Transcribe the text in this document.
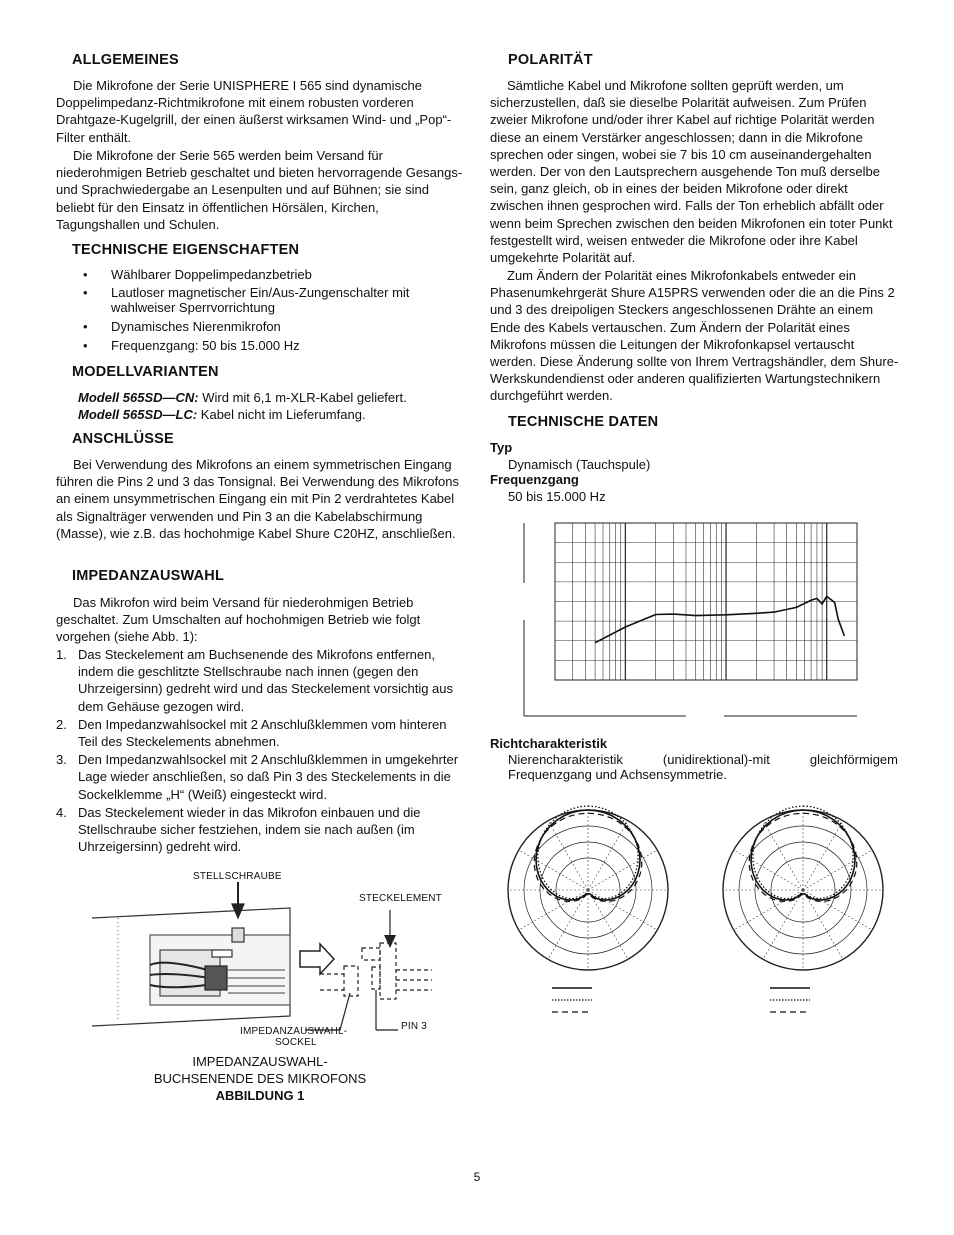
ALLGEMEINES

Die Mikrofone der Serie UNISPHERE I 565 sind dynamische Doppelimpedanz-Richtmikrofone mit einem robusten vorderen Drahtgaze-Kugelgrill, der einen äußerst wirksamen Wind- und „Pop“-Filter enthält.

Die Mikrofone der Serie 565 werden beim Versand für niederohmigen Betrieb geschaltet und bieten hervorragende Gesangs- und Sprachwiedergabe an Lesenpulten und auf Bühnen; sie sind beliebt für den Einsatz in öffentlichen Hörsälen, Kirchen, Tagungshallen und Schulen.

TECHNISCHE EIGENSCHAFTEN
• Wählbarer Doppelimpedanzbetrieb
• Lautloser magnetischer Ein/Aus-Zungenschalter mit wahlweiser Sperrvorrichtung
• Dynamisches Nierenmikrofon
• Frequenzgang: 50 bis 15.000 Hz
MODELLVARIANTEN

Modell 565SD—CN: Wird mit 6,1 m-XLR-Kabel geliefert.

Modell 565SD—LC: Kabel nicht im Lieferumfang.

ANSCHLÜSSE

Bei Verwendung des Mikrofons an einem symmetrischen Eingang führen die Pins 2 und 3 das Tonsignal. Bei Verwendung des Mikrofons an einem unsymmetrischen Eingang ein mit Pin 2 verdrahtetes Kabel als Signalträger verwenden und Pin 3 an die Kabelabschirmung (Masse), wie z.B. das hochohmige Kabel Shure C20HZ, anschließen.

IMPEDANZAUSWAHL

Das Mikrofon wird beim Versand für niederohmigen Betrieb geschaltet. Zum Umschalten auf hochohmigen Betrieb wie folgt vorgehen (siehe Abb. 1):

1. Das Steckelement am Buchsenende des Mikrofons entfernen, indem die geschlitzte Stellschraube nach innen (gegen den Uhrzeigersinn) gedreht wird und das Steckelement vorsichtig aus dem Gehäuse gezogen wird.
2. Den Impedanzwahlsockel mit 2 Anschlußklemmen vom hinteren Teil des Steckelements abnehmen.
3. Den Impedanzwahlsockel mit 2 Anschlußklemmen in umgekehrter Lage wieder anschließen, so daß Pin 3 des Steckelements in die Sockelklemme „H“ (Weiß) eingesteckt wird.
4. Das Steckelement wieder in das Mikrofon einbauen und die Stellschraube sicher festziehen, indem sie nach außen (im Uhrzeigersinn) gedreht wird.
STELLSCHRAUBE
STECKELEMENT
IMPEDANZAUSWAHL-
SOCKEL
PIN 3
IMPEDANZAUSWAHL-
BUCHSENENDE DES MIKROFONS
ABBILDUNG 1
POLARITÄT

Sämtliche Kabel und Mikrofone sollten geprüft werden, um sicherzustellen, daß sie dieselbe Polarität aufweisen. Zum Prüfen zweier Mikrofone und/oder ihrer Kabel auf richtige Polarität werden diese an einem Verstärker angeschlossen; dann in die Mikrofone sprechen oder singen, wobei sie 7 bis 10 cm auseinandergehalten werden. Der von den Lautsprechern ausgehende Ton muß derselbe sein, ganz gleich, ob in eines der beiden Mikrofone oder direkt zwischen ihnen gesprochen wird. Falls der Ton erheblich abfällt oder wenn beim Sprechen zwischen den beiden Mikrofonen ein toter Punkt festgestellt wird, weisen entweder die Mikrofone oder ihre Kabel umgekehrte Polarität auf.

Zum Ändern der Polarität eines Mikrofonkabels entweder ein Phasenumkehrgerät Shure A15PRS verwenden oder die an die Pins 2 und 3 des dreipoligen Steckers angeschlossenen Drähte an einem Ende des Kabels vertauschen. Zum Ändern der Polarität eines Mikrofons müssen die Leitungen der Mikrofonkapsel vertauscht werden. Diese Änderung sollte von Ihrem Vertragshändler, dem Shure-Werkskundendienst oder anderen qualifizierten Wartungstechnikern durchgeführt werden.

TECHNISCHE DATEN
Typ
Dynamisch (Tauchspule)
Frequenzgang
50 bis 15.000 Hz
Richtcharakteristik
Nierencharakteristik (unidirektional)-mit gleichförmigem Frequenzgang und Achsensymmetrie.
5
